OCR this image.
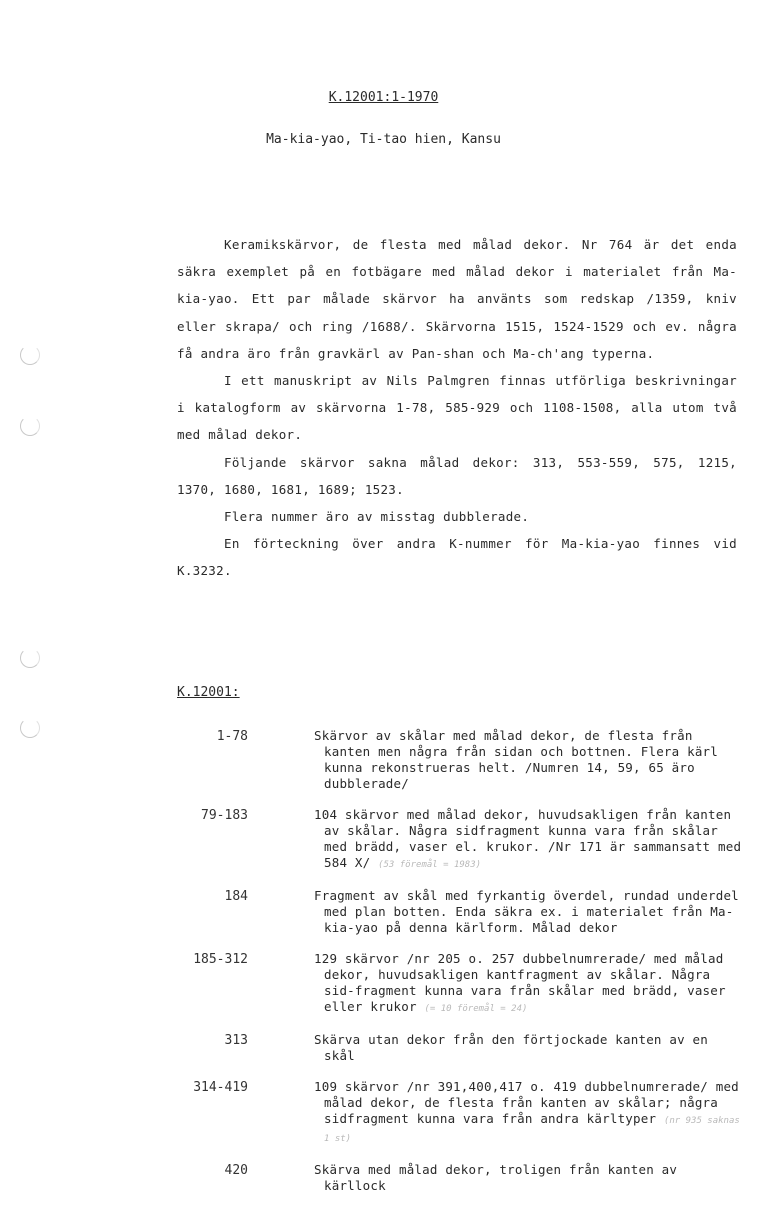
K.12001:1-1970
Ma-kia-yao, Ti-tao hien, Kansu

Keramikskärvor, de flesta med målad dekor. Nr 764 är det enda säkra exemplet på en fotbägare med målad dekor i materialet från Ma-kia-yao. Ett par målade skärvor ha använts som redskap /1359, kniv eller skrapa/ och ring /1688/. Skärvorna 1515, 1524-1529 och ev. några få andra äro från gravkärl av Pan-shan och Ma-ch'ang typerna.

I ett manuskript av Nils Palmgren finnas utförliga beskrivningar i katalogform av skärvorna 1-78, 585-929 och 1108-1508, alla utom två med målad dekor.

Följande skärvor sakna målad dekor: 313, 553-559, 575, 1215, 1370, 1680, 1681, 1689; 1523.

Flera nummer äro av misstag dubblerade.

En förteckning över andra K-nummer för Ma-kia-yao finnes vid K.3232.

K.12001:
1-78	Skärvor av skålar med målad dekor, de flesta från kanten men några från sidan och bottnen. Flera kärl kunna rekonstrueras helt. /Numren 14, 59, 65 äro dubblerade/
79-183	104 skärvor med målad dekor, huvudsakligen från kanten av skålar. Några sidfragment kunna vara från skålar med brädd, vaser el. krukor. /Nr 171 är sammansatt med 584 X/ (53 föremål = 1983)
184	Fragment av skål med fyrkantig överdel, rundad underdel med plan botten. Enda säkra ex. i materialet från Ma-kia-yao på denna kärlform. Målad dekor
185-312	129 skärvor /nr 205 o. 257 dubbelnumrerade/ med målad dekor, huvudsakligen kantfragment av skålar. Några sid-fragment kunna vara från skålar med brädd, vaser eller krukor (= 10 föremål = 24)
313	Skärva utan dekor från den förtjockade kanten av en skål
314-419	109 skärvor /nr 391,400,417 o. 419 dubbelnumrerade/ med målad dekor, de flesta från kanten av skålar; några sidfragment kunna vara från andra kärltyper (nr 935 saknas 1 st)
420	Skärva med målad dekor, troligen från kanten av kärllock
